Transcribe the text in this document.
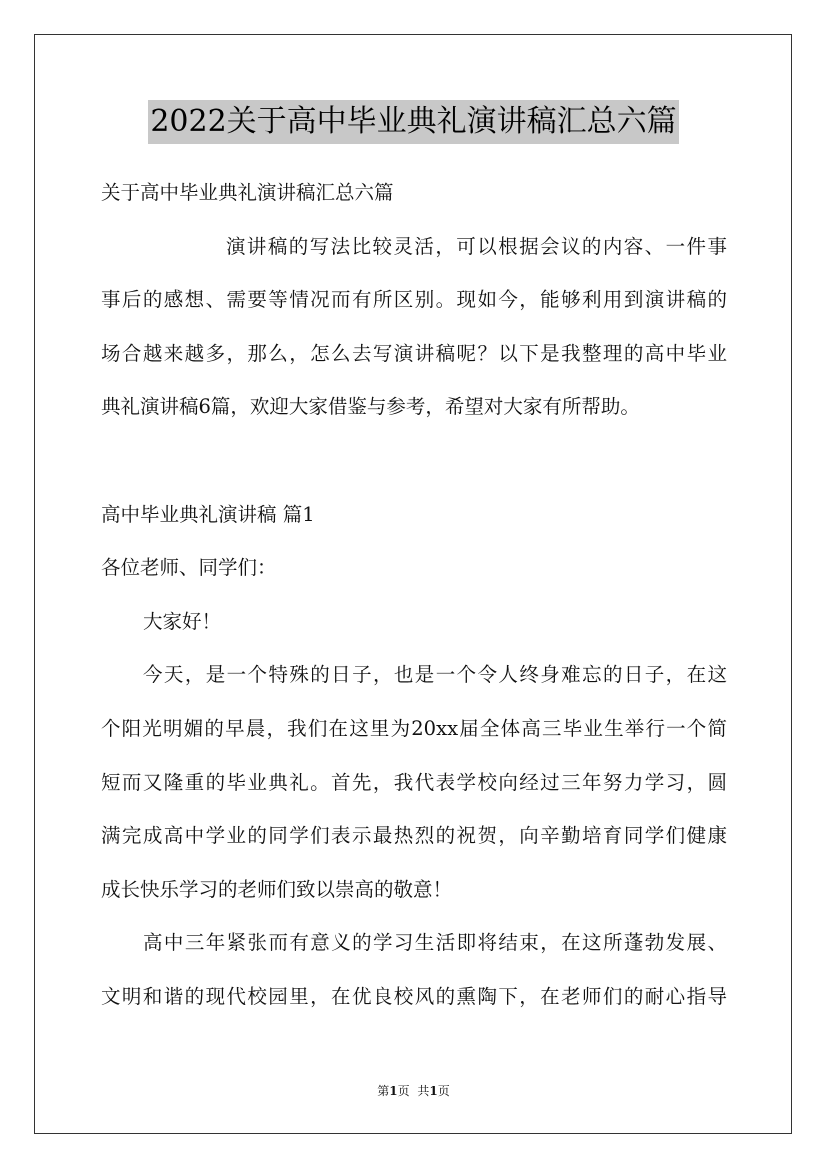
2022关于高中毕业典礼演讲稿汇总六篇
关于高中毕业典礼演讲稿汇总六篇
演讲稿的写法比较灵活，可以根据会议的内容、一件事
事后的感想、需要等情况而有所区别。现如今，能够利用到演讲稿的
场合越来越多，那么，怎么去写演讲稿呢？以下是我整理的高中毕业
典礼演讲稿6篇，欢迎大家借鉴与参考，希望对大家有所帮助。
高中毕业典礼演讲稿 篇1
各位老师、同学们：
大家好！
今天，是一个特殊的日子，也是一个令人终身难忘的日子，在这
个阳光明媚的早晨，我们在这里为20xx届全体高三毕业生举行一个简
短而又隆重的毕业典礼。首先，我代表学校向经过三年努力学习，圆
满完成高中学业的同学们表示最热烈的祝贺，向辛勤培育同学们健康
成长快乐学习的老师们致以崇高的敬意！
高中三年紧张而有意义的学习生活即将结束，在这所蓬勃发展、
文明和谐的现代校园里，在优良校风的熏陶下，在老师们的耐心指导
第1页 共1页
